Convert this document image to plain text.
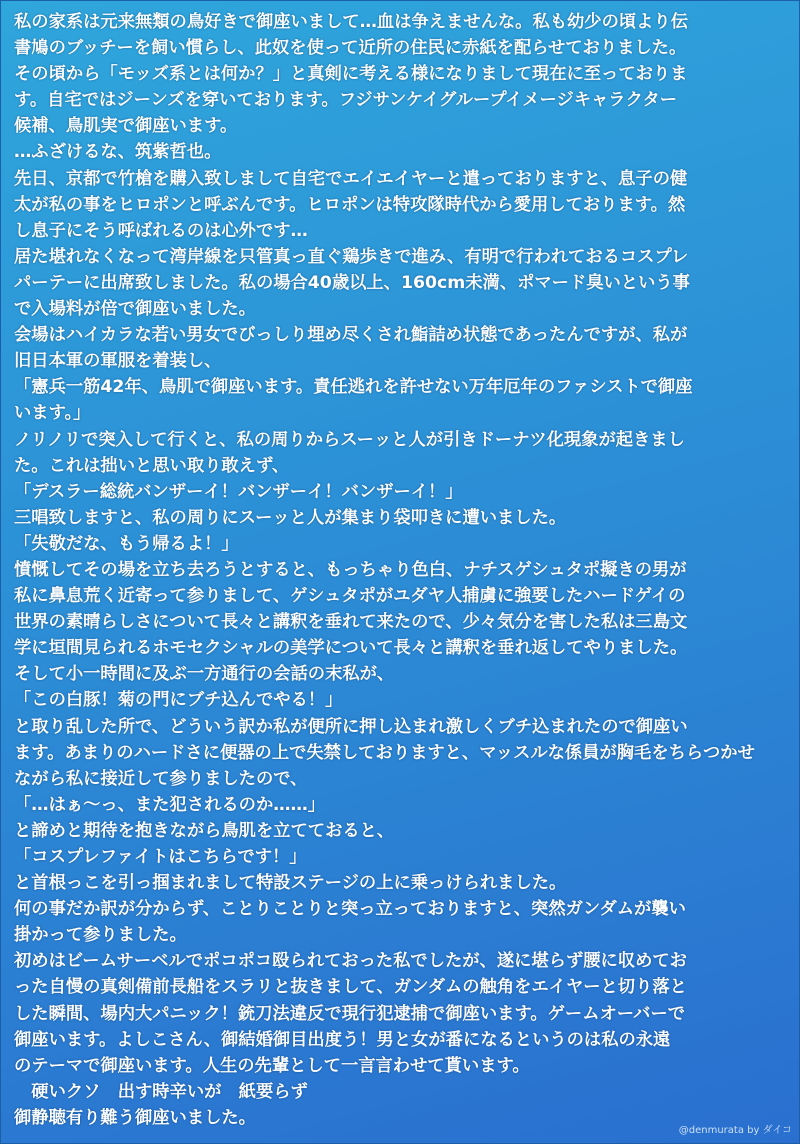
私の家系は元来無類の鳥好きで御座いまして…血は争えませんな。私も幼少の頃より伝
書鳩のブッチーを飼い慣らし、此奴を使って近所の住民に赤紙を配らせておりました。
その頃から「モッズ系とは何か？」と真剣に考える様になりまして現在に至っておりま
す。自宅ではジーンズを穿いております。フジサンケイグループイメージキャラクター
候補、鳥肌実で御座います。
…ふざけるな、筑紫哲也。
先日、京都で竹槍を購入致しまして自宅でエイエイヤーと遣っておりますと、息子の健
太が私の事をヒロポンと呼ぶんです。ヒロポンは特攻隊時代から愛用しております。然
し息子にそう呼ばれるのは心外です…
居た堪れなくなって湾岸線を只管真っ直ぐ鶏歩きで進み、有明で行われておるコスプレ
パーテーに出席致しました。私の場合40歳以上、160cm未満、ポマード臭いという事
で入場料が倍で御座いました。
会場はハイカラな若い男女でびっしり埋め尽くされ鮨詰め状態であったんですが、私が
旧日本軍の軍服を着装し、
「憲兵一筋42年、鳥肌で御座います。責任逃れを許せない万年厄年のファシストで御座
います。」
ノリノリで突入して行くと、私の周りからスーッと人が引きドーナツ化現象が起きまし
た。これは拙いと思い取り敢えず、
「デスラー総統バンザーイ！バンザーイ！バンザーイ！」
三唱致しますと、私の周りにスーッと人が集まり袋叩きに遭いました。
「失敬だな、もう帰るよ！」
憤慨してその場を立ち去ろうとすると、もっちゃり色白、ナチスゲシュタポ擬きの男が
私に鼻息荒く近寄って参りまして、ゲシュタポがユダヤ人捕虜に強要したハードゲイの
世界の素晴らしさについて長々と講釈を垂れて来たので、少々気分を害した私は三島文
学に垣間見られるホモセクシャルの美学について長々と講釈を垂れ返してやりました。
そして小一時間に及ぶ一方通行の会話の末私が、
「この白豚！菊の門にブチ込んでやる！」
と取り乱した所で、どういう訳か私が便所に押し込まれ激しくブチ込まれたので御座い
ます。あまりのハードさに便器の上で失禁しておりますと、マッスルな係員が胸毛をちらつかせ
ながら私に接近して参りましたので、
「…はぁ～っ、また犯されるのか……」
と諦めと期待を抱きながら鳥肌を立てておると、
「コスプレファイトはこちらです！」
と首根っこを引っ掴まれまして特設ステージの上に乗っけられました。
何の事だか訳が分からず、ことりことりと突っ立っておりますと、突然ガンダムが襲い
掛かって参りました。
初めはビームサーベルでポコポコ殴られておった私でしたが、遂に堪らず腰に収めてお
った自慢の真剣備前長船をスラリと抜きまして、ガンダムの触角をエイヤーと切り落と
した瞬間、場内大パニック！銃刀法違反で現行犯逮捕で御座います。ゲームオーバーで
御座います。よしこさん、御結婚御目出度う！男と女が番になるというのは私の永遠
のテーマで御座います。人生の先輩として一言言わせて貰います。
　硬いクソ　出す時辛いが　紙要らず
御静聴有り難う御座いました。
@denmurata by ダイコ
